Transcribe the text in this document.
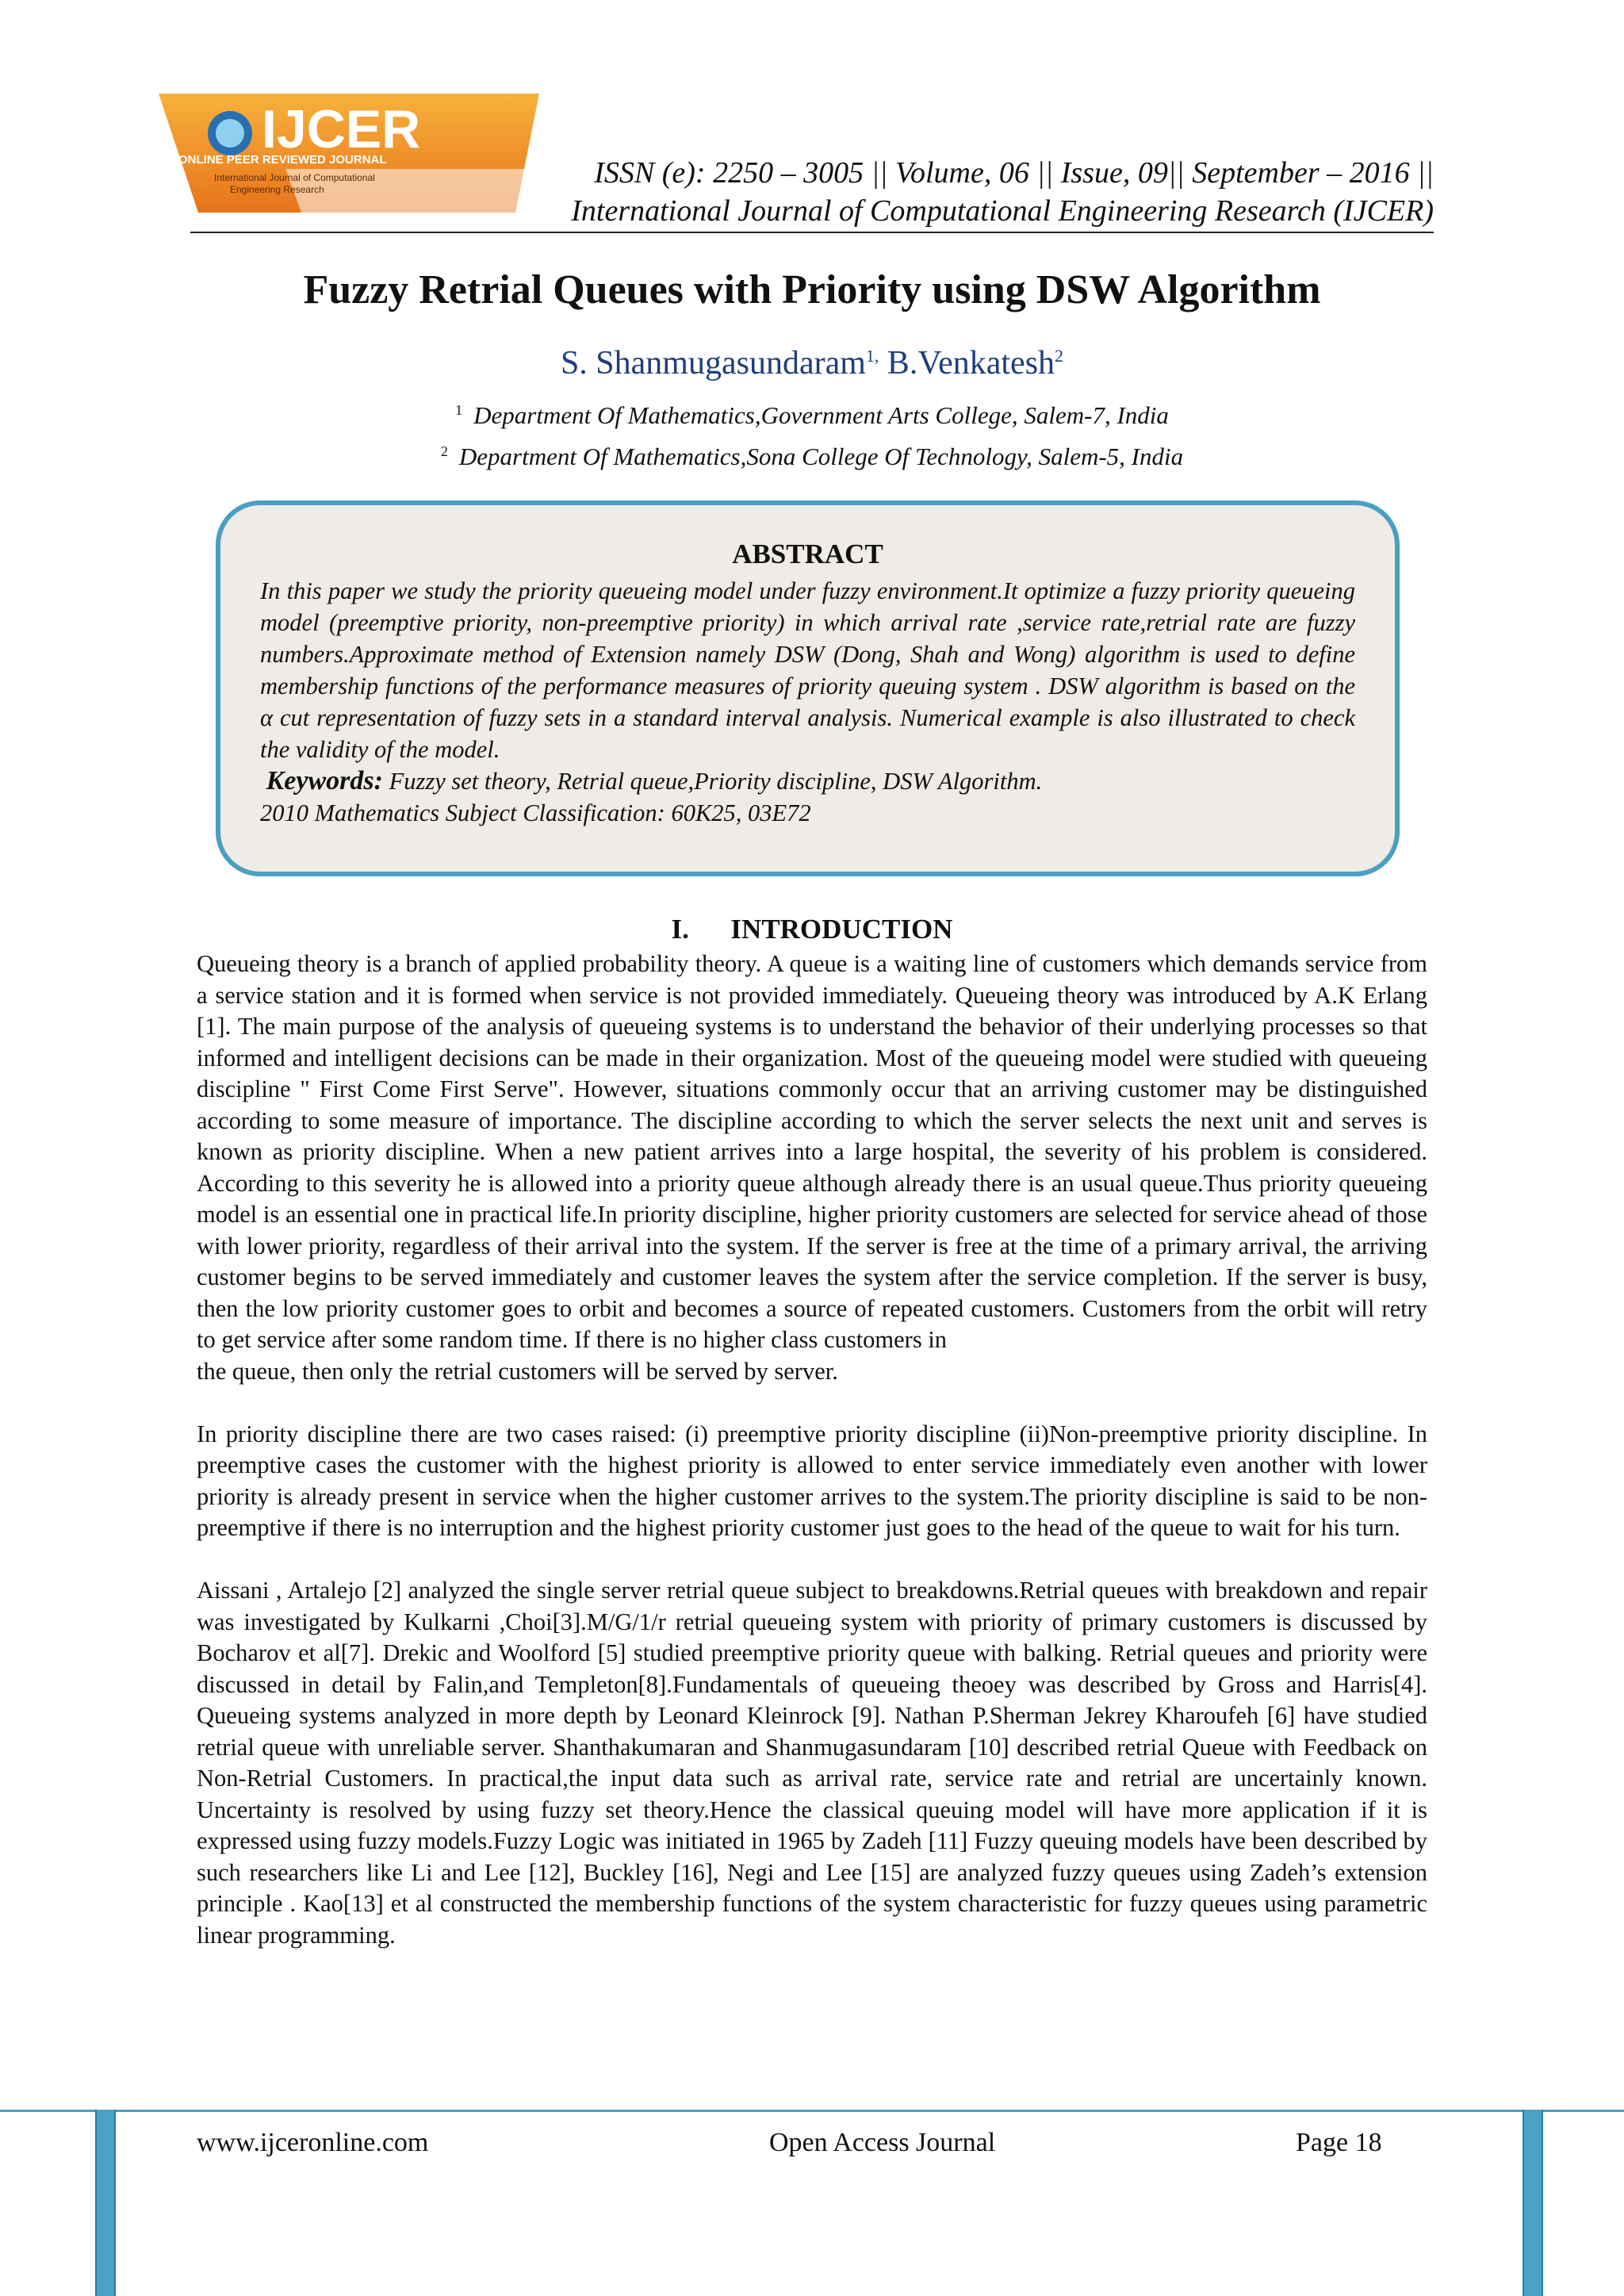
IJCER
ONLINE PEER REVIEWED JOURNAL
International Journal of Computational
Engineering Research	ISSN (e): 2250 – 3005 || Volume, 06 || Issue, 09|| September – 2016 ||
International Journal of Computational Engineering Research (IJCER)
Fuzzy Retrial Queues with Priority using DSW Algorithm
S. Shanmugasundaram$^{1,}$ B.Venkatesh$^2$
$^1$ Department Of Mathematics,Government Arts College, Salem-7, India
$^2$ Department Of Mathematics,Sona College Of Technology, Salem-5, India
ABSTRACT

In this paper we study the priority queueing model under fuzzy environment.It optimize a fuzzy priority queueing model (preemptive priority, non-preemptive priority) in which arrival rate ,service rate,retrial rate are fuzzy numbers.Approximate method of Extension namely DSW (Dong, Shah and Wong) algorithm is used to define membership functions of the performance measures of priority queuing system . DSW algorithm is based on the α cut representation of fuzzy sets in a standard interval analysis. Numerical example is also illustrated to check the validity of the model.

Keywords: Fuzzy set theory, Retrial queue,Priority discipline, DSW Algorithm.
2010 Mathematics Subject Classification: 60K25, 03E72
I.      INTRODUCTION

Queueing theory is a branch of applied probability theory. A queue is a waiting line of customers which demands service from a service station and it is formed when service is not provided immediately. Queueing theory was introduced by A.K Erlang [1]. The main purpose of the analysis of queueing systems is to understand the behavior of their underlying processes so that informed and intelligent decisions can be made in their organization. Most of the queueing model were studied with queueing discipline " First Come First Serve". However, situations commonly occur that an arriving customer may be distinguished according to some measure of importance. The discipline according to which the server selects the next unit and serves is known as priority discipline. When a new patient arrives into a large hospital, the severity of his problem is considered. According to this severity he is allowed into a priority queue although already there is an usual queue.Thus priority queueing model is an essential one in practical life.In priority discipline, higher priority customers are selected for service ahead of those with lower priority, regardless of their arrival into the system. If the server is free at the time of a primary arrival, the arriving customer begins to be served immediately and customer leaves the system after the service completion. If the server is busy, then the low priority customer goes to orbit and becomes a source of repeated customers. Customers from the orbit will retry to get service after some random time. If there is no higher class customers in

the queue, then only the retrial customers will be served by server.

In priority discipline there are two cases raised: (i) preemptive priority discipline (ii)Non-preemptive priority discipline. In preemptive cases the customer with the highest priority is allowed to enter service immediately even another with lower priority is already present in service when the higher customer arrives to the system.The priority discipline is said to be non-preemptive if there is no interruption and the highest priority customer just goes to the head of the queue to wait for his turn.

Aissani , Artalejo [2] analyzed the single server retrial queue subject to breakdowns.Retrial queues with breakdown and repair was investigated by Kulkarni ,Choi[3].M/G/1/r retrial queueing system with priority of primary customers is discussed by Bocharov et al[7]. Drekic and Woolford [5] studied preemptive priority queue with balking. Retrial queues and priority were discussed in detail by Falin,and Templeton[8].Fundamentals of queueing theoey was described by Gross and Harris[4]. Queueing systems analyzed in more depth by Leonard Kleinrock [9]. Nathan P.Sherman Jekrey Kharoufeh [6] have studied retrial queue with unreliable server. Shanthakumaran and Shanmugasundaram [10] described retrial Queue with Feedback on Non-Retrial Customers. In practical,the input data such as arrival rate, service rate and retrial are uncertainly known. Uncertainty is resolved by using fuzzy set theory.Hence the classical queuing model will have more application if it is expressed using fuzzy models.Fuzzy Logic was initiated in 1965 by Zadeh [11] Fuzzy queuing models have been described by such researchers like Li and Lee [12], Buckley [16], Negi and Lee [15] are analyzed fuzzy queues using Zadeh’s extension principle . Kao[13] et al constructed the membership functions of the system characteristic for fuzzy queues using parametric linear programming.

www.ijceronline.com	Open Access Journal	Page 18
